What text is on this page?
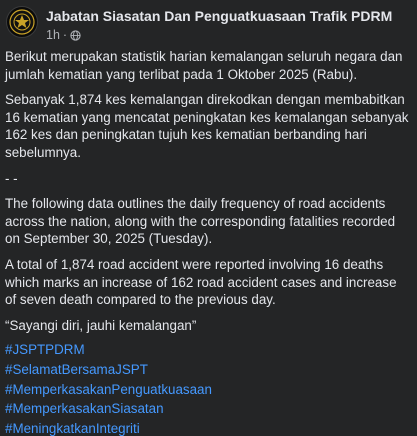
Jabatan Siasatan Dan Penguatkuasaan Trafik PDRM
1h ·

Berikut merupakan statistik harian kemalangan seluruh negara dan jumlah kematian yang terlibat pada 1 Oktober 2025 (Rabu).

Sebanyak 1,874 kes kemalangan direkodkan dengan membabitkan 16 kematian yang mencatat peningkatan kes kemalangan sebanyak 162 kes dan peningkatan tujuh kes kematian berbanding hari sebelumnya.

- -

The following data outlines the daily frequency of road accidents across the nation, along with the corresponding fatalities recorded on September 30, 2025 (Tuesday).

A total of 1,874 road accident were reported involving 16 deaths which marks an increase of 162 road accident cases and increase of seven death compared to the previous day.

“Sayangi diri, jauhi kemalangan”

#JSPTPDRM
#SelamatBersamaJSPT
#MemperkasakanPenguatkuasaan
#MemperkasakanSiasatan
#MeningkatkanIntegriti
